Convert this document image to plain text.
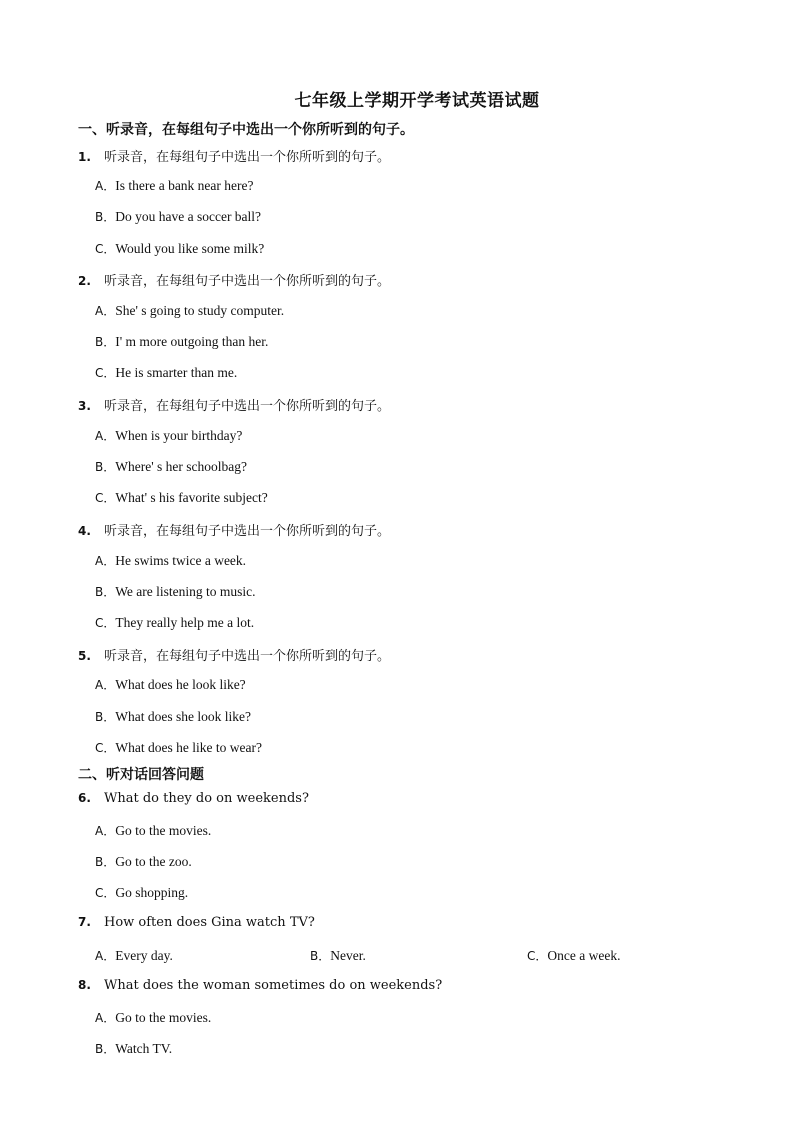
七年级上学期开学考试英语试题
一、听录音，在每组句子中选出一个你所听到的句子。
1. 听录音，在每组句子中选出一个你所听到的句子。
A．Is there a bank near here?
B．Do you have a soccer ball?
C．Would you like some milk?
2. 听录音，在每组句子中选出一个你所听到的句子。
A．She' s going to study computer.
B．I' m more outgoing than her.
C．He is smarter than me.
3. 听录音，在每组句子中选出一个你所听到的句子。
A．When is your birthday?
B．Where' s her schoolbag?
C．What' s his favorite subject?
4. 听录音，在每组句子中选出一个你所听到的句子。
A．He swims twice a week.
B．We are listening to music.
C．They really help me a lot.
5. 听录音，在每组句子中选出一个你所听到的句子。
A．What does he look like?
B．What does she look like?
C．What does he like to wear?
二、听对话回答问题
6. What do they do on weekends?
A．Go to the movies.
B．Go to the zoo.
C．Go shopping.
7. How often does Gina watch TV?
A．Every day.	B．Never.	C．Once a week.
8. What does the woman sometimes do on weekends?
A．Go to the movies.
B．Watch TV.
